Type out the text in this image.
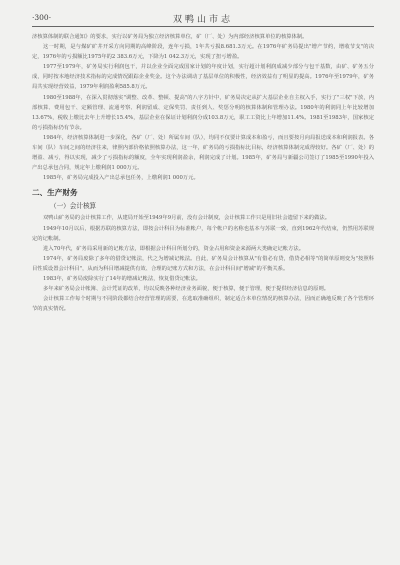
·300·	双鸭山市志

济核算体制的联合通知》的要求，实行以矿务局为独立经济核算单位，矿（厂、处）为内部经济核算单位的核算体制。

这一时期，是与煤矿矿井开采方向同期的高峰阶段，连年亏损，1年共亏损8.681.3万元。在1976年矿务局提出"增产节约，增收节支"的决定，1976年的亏损额比1975年的2 383.6万元，下降为1 042.3万元，实现了扭亏增盈。

1977至1979年，矿务局实行利润包干，并以企业全面完成国家计划的年度计划，实行超计划利润成减少部分与包干基数，由矿、矿务五分成，同时按本地经济技术指标的完成情况跟踪企业奖金。这个办法调动了基层单位的积极性，经济效益有了明显的提高。1976年至1979年，矿务局共实现经营效益，1979年利润盈利585.8万元。

1980至1988年，在深入贯彻落实"调整、改革、整顿、提高"的八字方针中，矿务局决定从扩大基层企业自主权入手，实行了"三权"下放，内部核算、费用包干、定额管理、流通考察、利润留成、定保奖罚、责任到人、奖惩分明的核算体制和管理办法。1980年的利润同上年比较增加13.67%，税收上缴比去年上升增长15.4%，基层企业在保证计划利润分成103.8万元，职工工资比上年增加11.4%。1981至1983年，国家核定的亏损指标仍有节余。

1984年，经济核算体制进一步深化，各矿（厂、处）所属车间（队），均同不仅要计算成本和盈亏，而且要按月向局报送成本和利润报表。各车间（队）车间之间的经济往来，律照内部价格依照核算办法，这一年，矿务局的亏损指标比目标，经济核算体制完成得较好。各矿（厂、处）的增盈、减亏，得以实现，减少了亏损指标的额度，全年实现利润盈余，利润完成了计划。1985年，矿务局与新疆公司签订了1985至1990年投入产出总承包合同，规定年上缴利润1 000万元。

1985年，矿务局完成投入产出总承包任务，上缴利润1 000万元。

二、生产财务
（一）会计核算

双鸭山矿务局的会计核算工作，从建局开始至1949年9月前，没有会计制度，会计核算工作只是用旧社会遗留下来的做法。

1949年10月以后，根据苏联的核算方法，即按会计科目为标准帐户，每个帐户的名称也基本与苏联一致，直到1962年代结束，仍然用苏联规定的记帐制。

进入70年代，矿务局采用新的记帐方法，即根据会计科目所划分的，资金占用和资金来源两大类确定记帐方法。

1974年，矿务局废除了多年的借贷记帐法，代之为增减记帐法。自此，矿务局会计核算从"有借必有贷，借贷必相等"的简单原则变为"按照科目性质设置会计科目"，从而为科目增减提供有效、合理的记账方式和方法，在会计科目间"增减"的平衡关系。

1983年，矿务局废除实行了14年的增减记帐法，恢复借贷记帐法。

多年来矿务局会计帐簿、会计凭证的改革，均以反映各种经济业务面貌，便于核算，便于管理，便于提供经济信息的原则。

会计核算工作每个时期与不同阶段都结合经营管理的需要，在选取准确组织，制定适合本单位情况的核算办法，因而正确地反映了各个管理环节的真实情况。
